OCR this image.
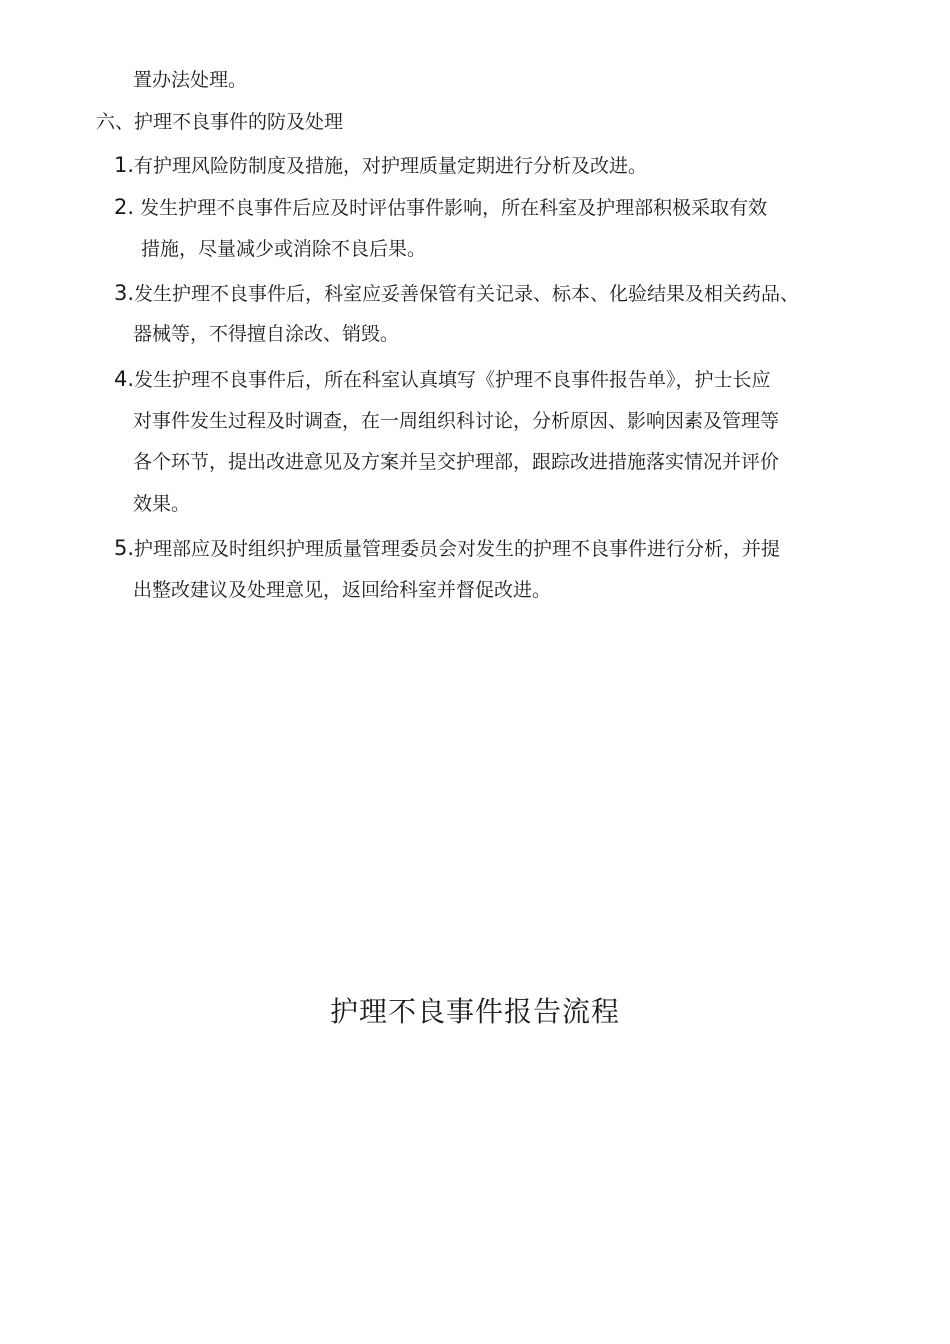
置办法处理。
六、护理不良事件的防及处理
1.有护理风险防制度及措施，对护理质量定期进行分析及改进。
2. 发生护理不良事件后应及时评估事件影响，所在科室及护理部积极采取有效
措施，尽量减少或消除不良后果。
3.发生护理不良事件后，科室应妥善保管有关记录、标本、化验结果及相关药品、
器械等，不得擅自涂改、销毁。
4.发生护理不良事件后，所在科室认真填写《护理不良事件报告单》，护士长应
对事件发生过程及时调查，在一周组织科讨论，分析原因、影响因素及管理等
各个环节，提出改进意见及方案并呈交护理部，跟踪改进措施落实情况并评价
效果。
5.护理部应及时组织护理质量管理委员会对发生的护理不良事件进行分析，并提
出整改建议及处理意见，返回给科室并督促改进。
护理不良事件报告流程
